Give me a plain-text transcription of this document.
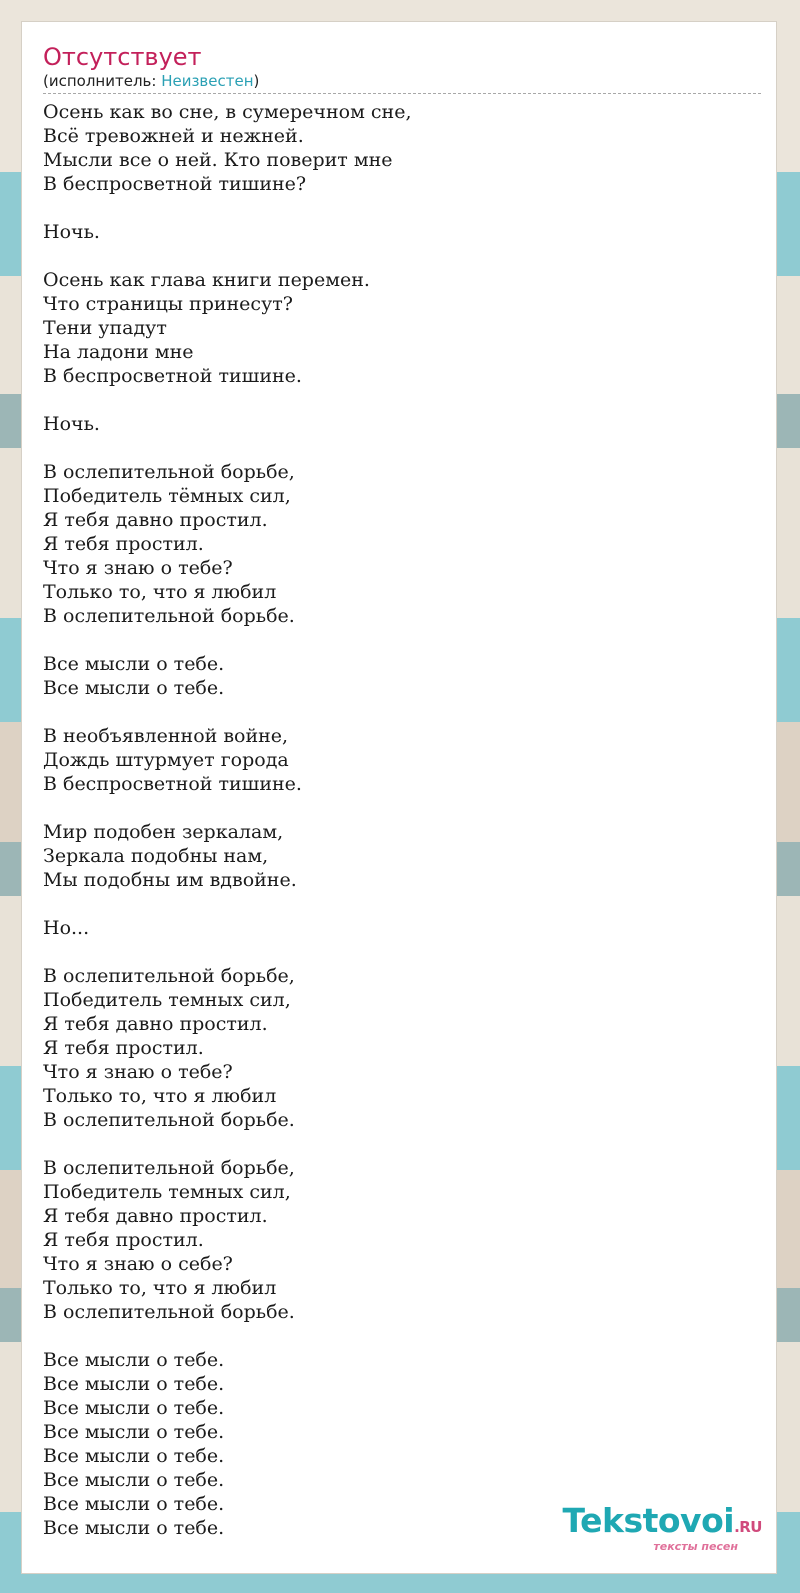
Отсутствует
(исполнитель: Неизвестен)
Осень как во сне, в сумеречном сне,
Всё тревожней и нежней.
Мысли все о ней. Кто поверит мне
В беспросветной тишине?
Ночь.
Осень как глава книги перемен.
Что страницы принесут?
Тени упадут
На ладони мне
В беспросветной тишине.
Ночь.
В ослепительной борьбе,
Победитель тёмных сил,
Я тебя давно простил.
Я тебя простил.
Что я знаю о тебе?
Только то, что я любил
В ослепительной борьбе.
Все мысли о тебе.
Все мысли о тебе.
В необъявленной войне,
Дождь штурмует города
В беспросветной тишине.
Мир подобен зеркалам,
Зеркала подобны нам,
Мы подобны им вдвойне.
Но...
В ослепительной борьбе,
Победитель темных сил,
Я тебя давно простил.
Я тебя простил.
Что я знаю о тебе?
Только то, что я любил
В ослепительной борьбе.
В ослепительной борьбе,
Победитель темных сил,
Я тебя давно простил.
Я тебя простил.
Что я знаю о себе?
Только то, что я любил
В ослепительной борьбе.
Все мысли о тебе.
Все мысли о тебе.
Все мысли о тебе.
Все мысли о тебе.
Все мысли о тебе.
Все мысли о тебе.
Все мысли о тебе.
Все мысли о тебе.	Tekstovoi.RU
тексты песен
